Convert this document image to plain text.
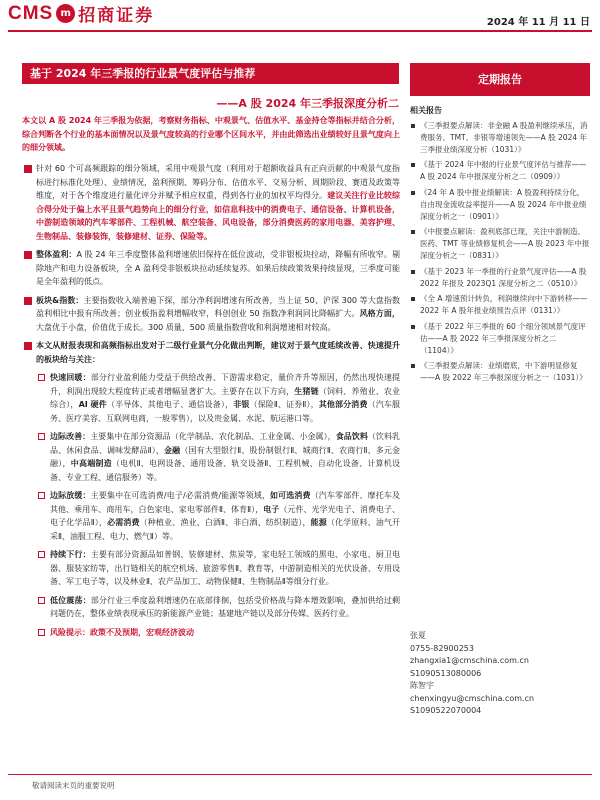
CMS m 招商证券	2024 年 11 月 11 日
基于 2024 年三季报的行业景气度评估与推荐
——A 股 2024 年三季报深度分析二
本文以 A 股 2024 年三季报为依据，考察财务指标、中观景气、估值水平、基金持仓等指标并结合分析，综合判断各个行业的基本面情况以及景气度较高的行业哪个区间水平，并由此筛选出业绩较好且景气度向上的细分领域。
针对 60 个可高频跟踪的细分领域，采用中观景气度（利用对于超额收益具有正向贡献的中观景气度指标进行标准化处理）、业绩情况，盈利预期、筹码分布、估值水平、交易分析、周期阶段、赛道及政策等维度，对于各个维度进行量化评分并赋予相应权重，得到各行业的加权平均得分。建议关注行业比较综合得分处于偏上水平且景气趋势向上的细分行业，如信息科技中的消费电子、通信设备、计算机设备，中游制造领域的汽车零部件、工程机械、航空装备、风电设备，部分消费医药的家用电器、美容护理、生物制品、装修装饰，装修建材、证券、保险等。
整体盈利：A 股 24 年三季度整体盈利增速依旧保持在低位波动，受非银板块拉动，降幅有所收窄。剔除地产和电力设备板块，全 A 盈利受非银板块拉动延续复苏。如果后续政策效果持续显现，三季度可能是全年盈利的低点。
板块&指数：主要指数收入端普遍下探，部分净利润增速有所改善，当上证 50、沪深 300 等大盘指数盈利相比中报有所改善；创业板指盈利增幅收窄，科创创业 50 指数净利润同比降幅扩大。风格方面，大盘优于小盘，价值优于成长。300 质量、500 质量指数营收和利润增速相对较高。
本文从财报表现和高频指标出发对于二级行业景气分化做出判断，建议对于景气度延续改善、快速提升的板块给与关注：
快速回暖：部分行业盈利能力受益于供给改善、下游需求稳定，量价齐升等原因，仍然出现快速提升，利润出现较大程度转正或者增幅显著扩大。主要存在以下方向，生猪链（饲料、养殖业、农业综合），AI 硬件（半导体、其他电子、通信设备），非银（保险Ⅱ、证券Ⅱ），其他部分消费（汽车服务、医疗美容、互联网电商，一般零售），以及贵金属、水泥、航运港口等。
边际改善：主要集中在部分资源品（化学制品、农化制品、工业金属、小金属），食品饮料（饮料乳品、休闲食品、调味发酵品Ⅱ），金融（国有大型银行Ⅱ、股份制银行Ⅱ、城商行Ⅱ、农商行Ⅱ、多元金融），中高端制造（电机Ⅱ、电网设备、通用设备、轨交设备Ⅱ、工程机械、自动化设备、计算机设备、专业工程、通信服务）等。
边际放缓：主要集中在可选消费/电子/必需消费/能源等领域，如可选消费（汽车零部件、摩托车及其他、乘用车、商用车，白色家电、家电零部件Ⅱ、体育Ⅱ），电子（元件、光学光电子、消费电子、电子化学品Ⅱ），必需消费（种植业、渔业、白酒Ⅱ、非白酒、纺织制造），能源（化学原料、油气开采Ⅱ、油服工程、电力、燃气Ⅱ）等。
持续下行：主要有部分资源品如普钢、装修建材、焦炭等，家电轻工领域的黑电、小家电、厨卫电器、服装家纺等，出行链相关的航空机场、旅游零售Ⅱ、教育等，中游制造相关的光伏设备、专用设备、军工电子等，以及林业Ⅱ、农产品加工、动物保健Ⅱ、生物制品Ⅱ等细分行业。
低位震荡：部分行业三季度盈利增速仍在底部徘徊，包括受价格战与降本增效影响，叠加供给过剩问题仍在，整体业绩表现承压的新能源产业链；基建地产链以及部分传媒、医药行业。
风险提示：政策不及预期，宏观经济波动
定期报告
相关报告
《三季报要点解读：非金融 A 股盈利继续承压，消费服务、TMT、非银等增速领先——A 股 2024 年三季报业绩深度分析（1031）》
《基于 2024 年中报的行业景气度评估与推荐——A 股 2024 年中报深度分析之二（0909）》
《24 年 A 股中报业绩解读：A 股盈利持续分化，自由现金流收益率提升——A 股 2024 年中报业绩深度分析之一（0901）》
《中报要点解读：盈利底部已现，关注中游制造、医药、TMT 等业绩修复机会——A 股 2023 年中报深度分析之一（0831）》
《基于 2023 年一季报的行业景气度评估——A 股 2022 年报及 2023Q1 深度分析之二（0510）》
《全 A 增速预计转负，利润继续向中下游转移——2022 年 A 股年报业绩预告点评（0131）》
《基于 2022 年三季报的 60 个细分领域景气度评估——A 股 2022 年三季报深度分析之二（1104）》
《三季报要点解读：业绩磨底，中下游明显修复——A 股 2022 年三季报深度分析之一（1031）》
张夏
0755-82900253
zhangxia1@cmschina.com.cn
S1090513080006
陈智宇
chenxingyu@cmschina.com.cn
S1090522070004
敬请阅读末页的重要说明
